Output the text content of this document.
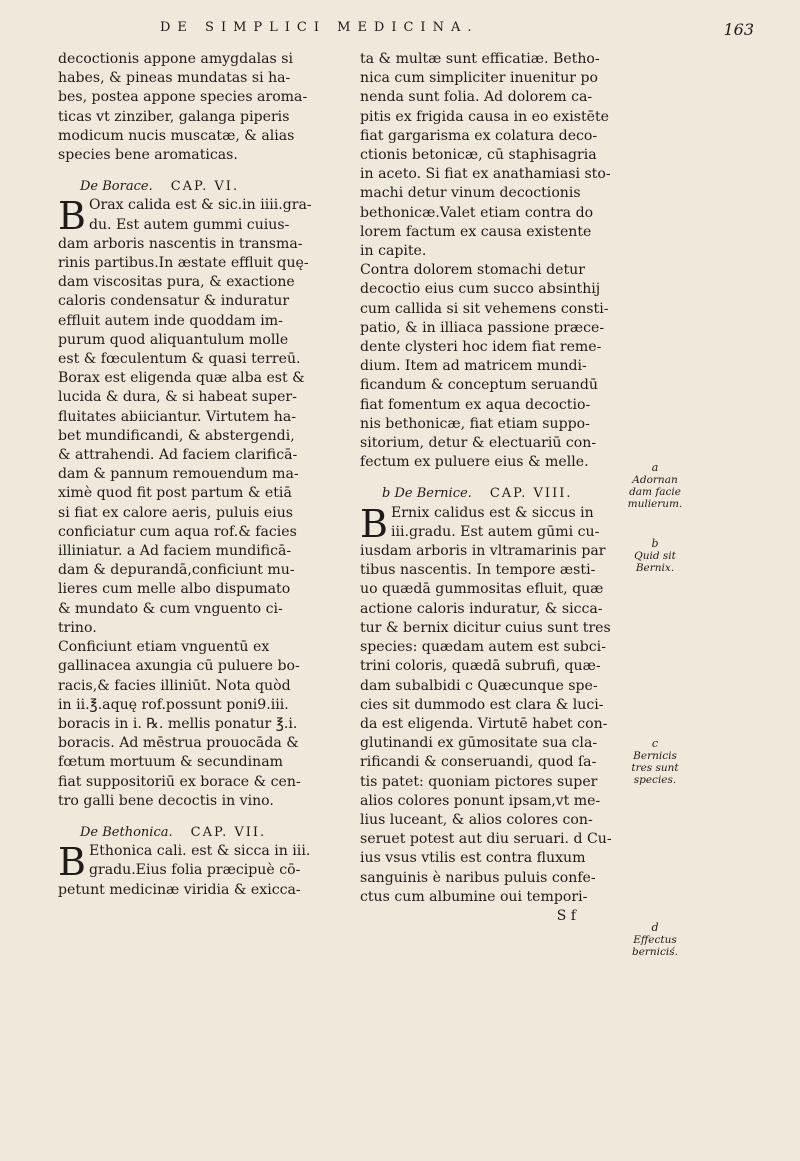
DE SIMPLICI MEDICINA.	163
decoctionis appone amygdalas si
habes, & pineas mundatas si ha-
bes, postea appone species aroma-
ticas vt zinziber, galanga piperis
modicum nucis muscatæ, & alias
species bene aromaticas.
De Borace. CAP. VI.
B Orax calida est & sic.in iiii.gra-
du. Est autem gummi cuius-
dam arboris nascentis in transma-
rinis partibus.In æstate effluit quę-
dam viscositas pura, & exactione
caloris condensatur & induratur
effluit autem inde quoddam im-
purum quod aliquantulum molle
est & fœculentum & quasi terreū.
Borax est eligenda quæ alba est &
lucida & dura, & si habeat super-
fluitates abiiciantur. Virtutem ha-
bet mundificandi, & abstergendi,
& attrahendi. Ad faciem clarificā-
dam & pannum remouendum ma-
ximè quod fit post partum & etiā
si fiat ex calore aeris, puluis eius
conficiatur cum aqua rof.& facies
illiniatur. a Ad faciem mundificā-
dam & depurandā,conficiunt mu-
lieres cum melle albo dispumato
& mundato & cum vnguento ci-
trino.
Conficiunt etiam vnguentū ex
gallinacea axungia cū puluere bo-
racis,& facies illiniūt. Nota quòd
in ii.℥.aquę rof.possunt poni9.iii.
boracis in i. ℞. mellis ponatur ℥.i.
boracis. Ad mēstrua prouocāda &
fœtum mortuum & secundinam
fiat suppositoriū ex borace & cen-
tro galli bene decoctis in vino.
De Bethonica. CAP. VII.
B Ethonica cali. est & sicca in iii.
gradu.Eius folia præcipuè cō-
petunt medicinæ viridia & exicca-
ta & multæ sunt efficatiæ. Betho-
nica cum simpliciter inuenitur po
nenda sunt folia. Ad dolorem ca-
pitis ex frigida causa in eo existēte
fiat gargarisma ex colatura deco-
ctionis betonicæ, cū staphisagria
in aceto. Si fiat ex anathamiasi sto-
machi detur vinum decoctionis
bethonicæ.Valet etiam contra do
lorem factum ex causa existente
in capite.
Contra dolorem stomachi detur
decoctio eius cum succo absinthij
cum callida si sit vehemens consti-
patio, & in illiaca passione præce-
dente clysteri hoc idem fiat reme-
dium. Item ad matricem mundi-
ficandum & conceptum seruandū
fiat fomentum ex aqua decoctio-
nis bethonicæ, fiat etiam suppo-
sitorium, detur & electuariū con-
fectum ex puluere eius & melle.
b De Bernice. CAP. VIII.
B Ernix calidus est & siccus in
iii.gradu. Est autem gūmi cu-
iusdam arboris in vltramarinis par
tibus nascentis. In tempore æsti-
uo quædā gummositas efluit, quæ
actione caloris induratur, & sicca-
tur & bernix dicitur cuius sunt tres
species: quædam autem est subci-
trini coloris, quædā subrufi, quæ-
dam subalbidi c Quæcunque spe-
cies sit dummodo est clara & luci-
da est eligenda. Virtutē habet con-
glutinandi ex gūmositate sua cla-
rificandi & conseruandi, quod ſa-
tis patet: quoniam pictores super
alios colores ponunt ipsam,vt me-
lius luceant, & alios colores con-
seruet potest aut diu seruari. d Cu-
ius vsus vtilis est contra fluxum
sanguinis è naribus puluis confe-
ctus cum albumine oui tempori-
S f
a
Adornan dam facie mulierum.
b
Quid sit Bernix.
c
Bernicis tres sunt species.
d
Effectus berniciś.
